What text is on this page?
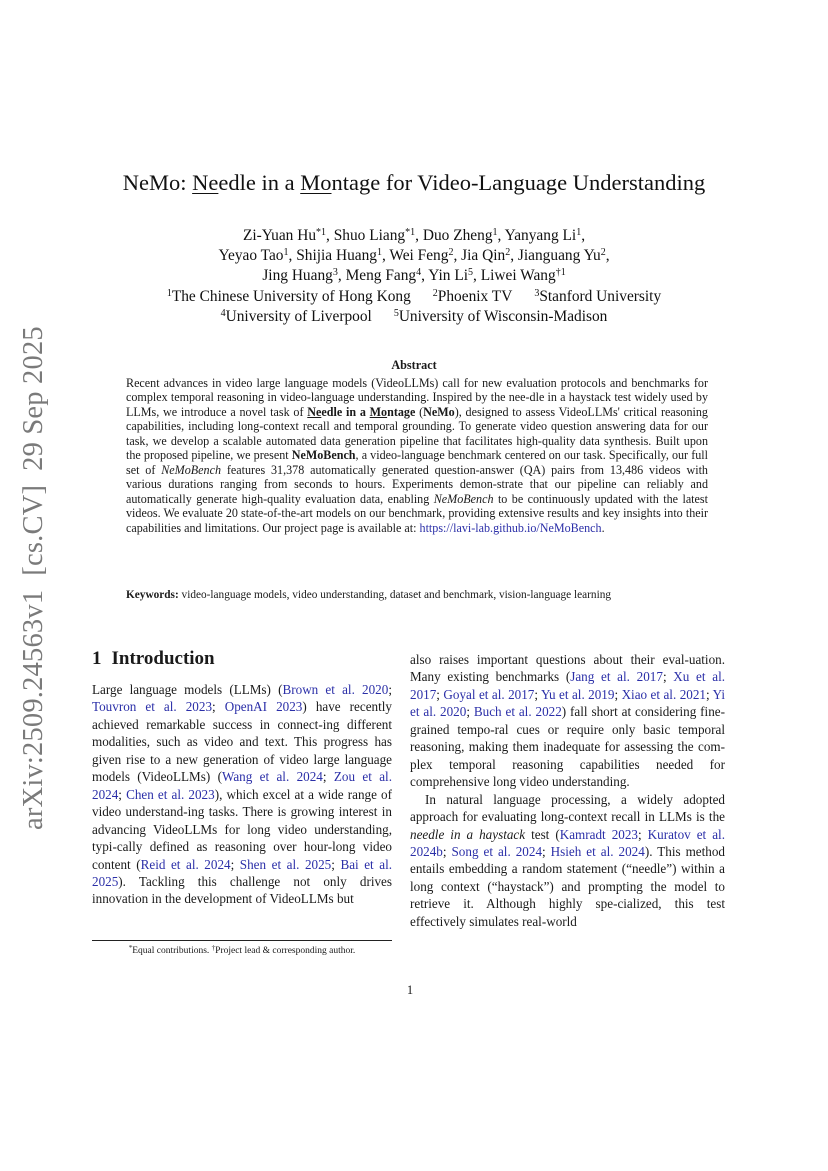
arXiv:2509.24563v1[cs.CV]29 Sep 2025
NeMo: Needle in a Montage for Video-Language Understanding
Zi-Yuan Hu$^{*1}$, Shuo Liang$^{*1}$, Duo Zheng$^1$, Yanyang Li$^1$,
Yeyao Tao$^1$, Shijia Huang$^1$, Wei Feng$^2$, Jia Qin$^2$, Jianguang Yu$^2$,
Jing Huang$^3$, Meng Fang$^4$, Yin Li$^5$, Liwei Wang$^{\dagger 1}$
$^1$The Chinese University of Hong Kong $^2$Phoenix TV $^3$Stanford University
$^4$University of Liverpool $^5$University of Wisconsin-Madison
Abstract

Recent advances in video large language models (VideoLLMs) call for new evaluation protocols and benchmarks for complex temporal reasoning in video-language understanding. Inspired by the nee-dle in a haystack test widely used by LLMs, we introduce a novel task of Needle in a Montage (NeMo), designed to assess VideoLLMs' critical reasoning capabilities, including long-context recall and temporal grounding. To generate video question answering data for our task, we develop a scalable automated data generation pipeline that facilitates high-quality data synthesis. Built upon the proposed pipeline, we present NeMoBench, a video-language benchmark centered on our task. Specifically, our full set of NeMoBench features 31,378 automatically generated question-answer (QA) pairs from 13,486 videos with various durations ranging from seconds to hours. Experiments demon-strate that our pipeline can reliably and automatically generate high-quality evaluation data, enabling NeMoBench to be continuously updated with the latest videos. We evaluate 20 state-of-the-art models on our benchmark, providing extensive results and key insights into their capabilities and limitations. Our project page is available at: https://lavi-lab.github.io/NeMoBench.

Keywords: video-language models, video understanding, dataset and benchmark, vision-language learning
1 Introduction

Large language models (LLMs) (Brown et al. 2020; Touvron et al. 2023; OpenAI 2023) have recently achieved remarkable success in connect-ing different modalities, such as video and text. This progress has given rise to a new generation of video large language models (VideoLLMs) (Wang et al. 2024; Zou et al. 2024; Chen et al. 2023), which excel at a wide range of video understand-ing tasks. There is growing interest in advancing VideoLLMs for long video understanding, typi-cally defined as reasoning over hour-long video content (Reid et al. 2024; Shen et al. 2025; Bai et al. 2025). Tackling this challenge not only drives innovation in the development of VideoLLMs but

also raises important questions about their eval-uation. Many existing benchmarks (Jang et al. 2017; Xu et al. 2017; Goyal et al. 2017; Yu et al. 2019; Xiao et al. 2021; Yi et al. 2020; Buch et al. 2022) fall short at considering fine-grained tempo-ral cues or require only basic temporal reasoning, making them inadequate for assessing the com-plex temporal reasoning capabilities needed for comprehensive long video understanding.

In natural language processing, a widely adopted approach for evaluating long-context recall in LLMs is the needle in a haystack test (Kamradt 2023; Kuratov et al. 2024b; Song et al. 2024; Hsieh et al. 2024). This method entails embedding a random statement (“needle”) within a long context (“haystack”) and prompting the model to retrieve it. Although highly spe-cialized, this test effectively simulates real-world

*Equal contributions. †Project lead & corresponding author.
1
